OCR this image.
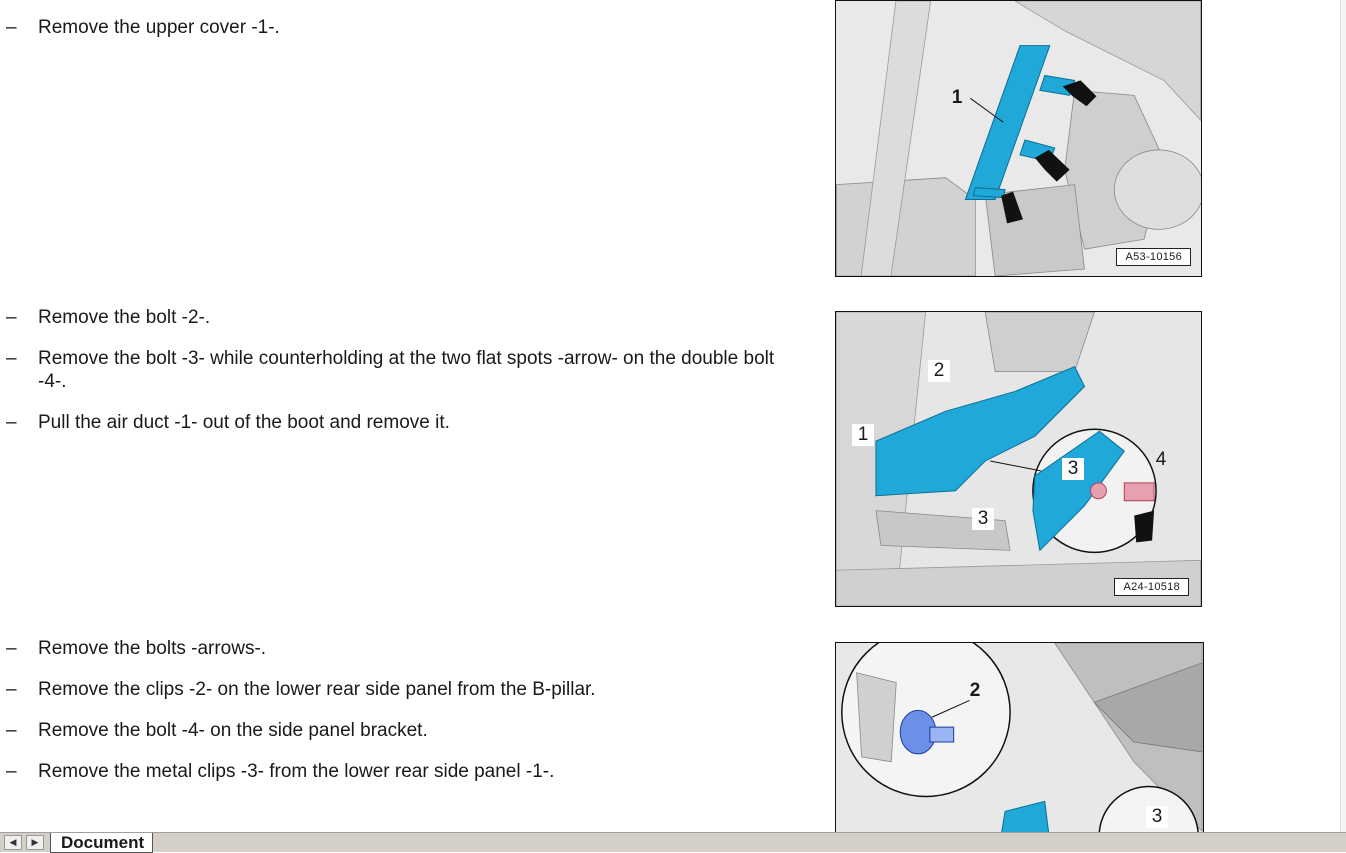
– Remove the upper cover -1-.
– Remove the bolt -2-.
– Remove the bolt -3- while counterholding at the two flat spots -arrow- on the double bolt -4-.
– Pull the air duct -1- out of the boot and remove it.
– Remove the bolts -arrows-.
– Remove the clips -2- on the lower rear side panel from the B-pillar.
– Remove the bolt -4- on the side panel bracket.
– Remove the metal clips -3- from the lower rear side panel -1-.
1
A53-10156
2
1
3
3	4
A24-10518
2
3
◀	▶	Document
